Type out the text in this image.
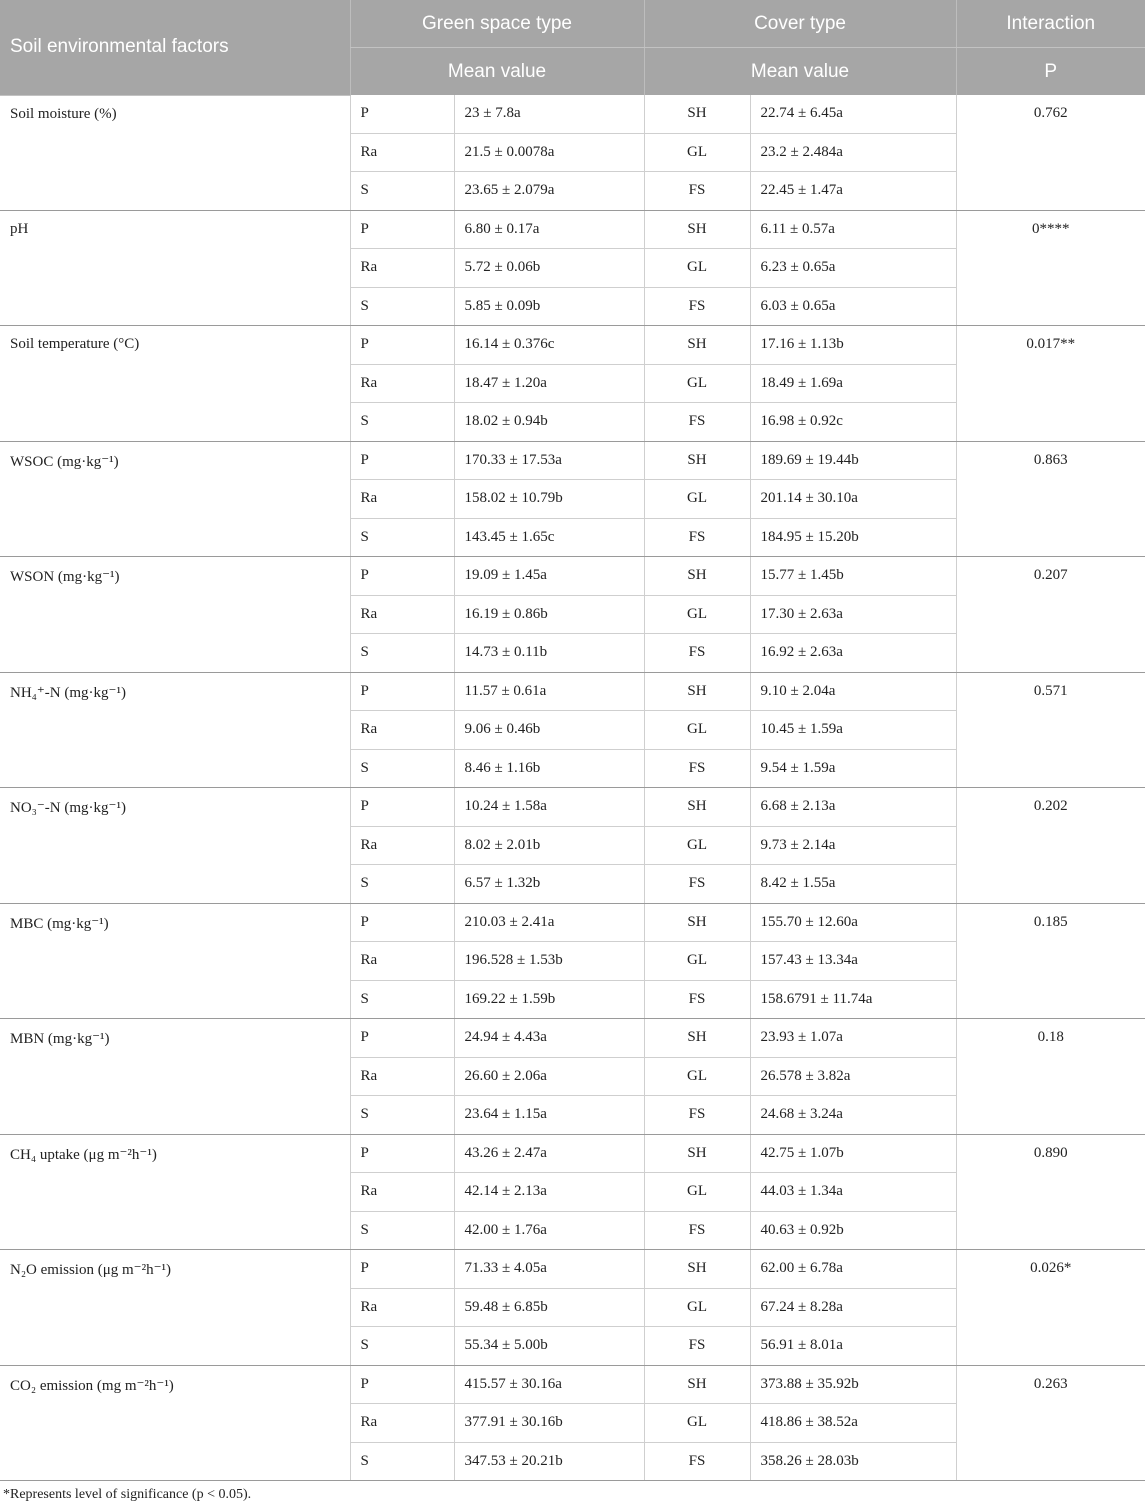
Soil environmental factors	Green space type		Cover type		Interaction
	Mean value		Mean value		P
Soil moisture (%)	P	23 ± 7.8a	SH	22.74 ± 6.45a	0.762
	Ra	21.5 ± 0.0078a	GL	23.2 ± 2.484a	
	S	23.65 ± 2.079a	FS	22.45 ± 1.47a	
pH	P	6.80 ± 0.17a	SH	6.11 ± 0.57a	0****
	Ra	5.72 ± 0.06b	GL	6.23 ± 0.65a	
	S	5.85 ± 0.09b	FS	6.03 ± 0.65a	
Soil temperature (°C)	P	16.14 ± 0.376c	SH	17.16 ± 1.13b	0.017**
	Ra	18.47 ± 1.20a	GL	18.49 ± 1.69a	
	S	18.02 ± 0.94b	FS	16.98 ± 0.92c	
WSOC (mg·kg⁻¹)	P	170.33 ± 17.53a	SH	189.69 ± 19.44b	0.863
	Ra	158.02 ± 10.79b	GL	201.14 ± 30.10a	
	S	143.45 ± 1.65c	FS	184.95 ± 15.20b	
WSON (mg·kg⁻¹)	P	19.09 ± 1.45a	SH	15.77 ± 1.45b	0.207
	Ra	16.19 ± 0.86b	GL	17.30 ± 2.63a	
	S	14.73 ± 0.11b	FS	16.92 ± 2.63a	
NH₄⁺-N (mg·kg⁻¹)	P	11.57 ± 0.61a	SH	9.10 ± 2.04a	0.571
	Ra	9.06 ± 0.46b	GL	10.45 ± 1.59a	
	S	8.46 ± 1.16b	FS	9.54 ± 1.59a	
NO₃⁻-N (mg·kg⁻¹)	P	10.24 ± 1.58a	SH	6.68 ± 2.13a	0.202
	Ra	8.02 ± 2.01b	GL	9.73 ± 2.14a	
	S	6.57 ± 1.32b	FS	8.42 ± 1.55a	
MBC (mg·kg⁻¹)	P	210.03 ± 2.41a	SH	155.70 ± 12.60a	0.185
	Ra	196.528 ± 1.53b	GL	157.43 ± 13.34a	
	S	169.22 ± 1.59b	FS	158.6791 ± 11.74a	
MBN (mg·kg⁻¹)	P	24.94 ± 4.43a	SH	23.93 ± 1.07a	0.18
	Ra	26.60 ± 2.06a	GL	26.578 ± 3.82a	
	S	23.64 ± 1.15a	FS	24.68 ± 3.24a	
CH₄ uptake (μg m⁻²h⁻¹)	P	43.26 ± 2.47a	SH	42.75 ± 1.07b	0.890
	Ra	42.14 ± 2.13a	GL	44.03 ± 1.34a	
	S	42.00 ± 1.76a	FS	40.63 ± 0.92b	
N₂O emission (μg m⁻²h⁻¹)	P	71.33 ± 4.05a	SH	62.00 ± 6.78a	0.026*
	Ra	59.48 ± 6.85b	GL	67.24 ± 8.28a	
	S	55.34 ± 5.00b	FS	56.91 ± 8.01a	
CO₂ emission (mg m⁻²h⁻¹)	P	415.57 ± 30.16a	SH	373.88 ± 35.92b	0.263
	Ra	377.91 ± 30.16b	GL	418.86 ± 38.52a	
	S	347.53 ± 20.21b	FS	358.26 ± 28.03b	
*Represents level of significance (p < 0.05).
